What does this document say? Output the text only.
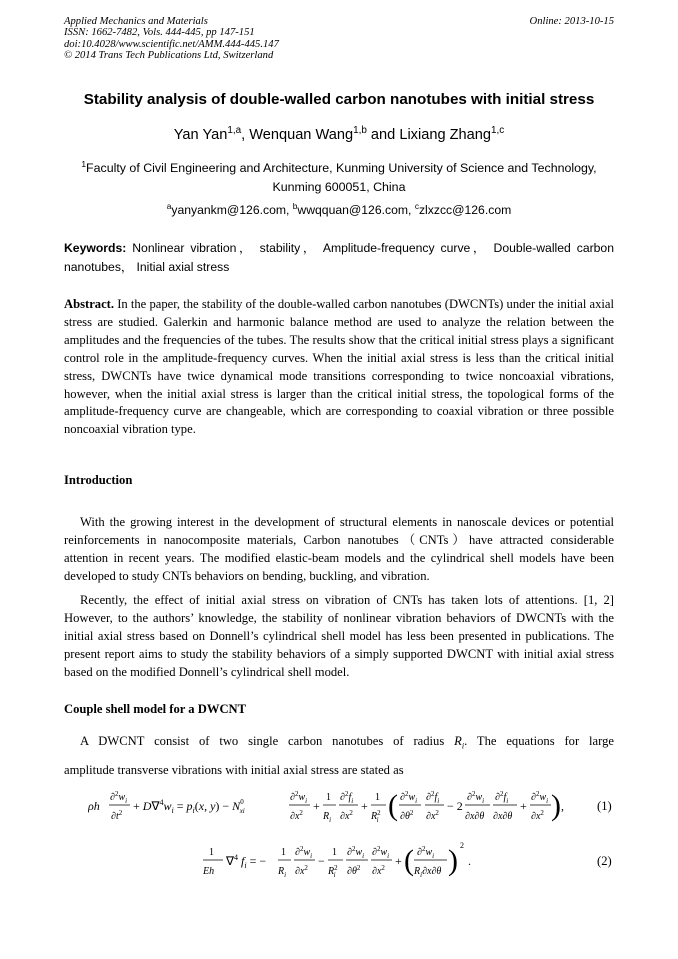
Applied Mechanics and Materials
ISSN: 1662-7482, Vols. 444-445, pp 147-151
doi:10.4028/www.scientific.net/AMM.444-445.147
© 2014 Trans Tech Publications Ltd, Switzerland
Online: 2013-10-15
Stability analysis of double-walled carbon nanotubes with initial stress
Yan Yan$^{1,a}$, Wenquan Wang$^{1,b}$ and Lixiang Zhang$^{1,c}$
$^1$Faculty of Civil Engineering and Architecture, Kunming University of Science and Technology,
Kunming 600051, China
$^a$yanyankm@126.com, $^b$wwqquan@126.com, $^c$zlxzcc@126.com
Keywords: Nonlinear vibration， stability， Amplitude-frequency curve， Double-walled carbon nanotubes， Initial axial stress
Abstract. In the paper, the stability of the double-walled carbon nanotubes (DWCNTs) under the initial axial stress are studied. Galerkin and harmonic balance method are used to analyze the relation between the amplitudes and the frequencies of the tubes. The results show that the critical initial stress plays a significant control role in the amplitude-frequency curves. When the initial axial stress is less than the critical initial stress, DWCNTs have twice dynamical mode transitions corresponding to twice noncoaxial vibrations, however, when the initial axial stress is larger than the critical initial stress, the topological forms of the amplitude-frequency curve are changeable, which are corresponding to coaxial vibration or three possible noncoaxial vibration type.
Introduction
With the growing interest in the development of structural elements in nanoscale devices or potential reinforcements in nanocomposite materials, Carbon nanotubes（CNTs）have attracted considerable attention in recent years. The modified elastic-beam models and the cylindrical shell models have been developed to study CNTs behaviors on bending, buckling, and vibration.
Recently, the effect of initial axial stress on vibration of CNTs has taken lots of attentions. [1, 2] However, to the authors’ knowledge, the stability of nonlinear vibration behaviors of DWCNTs with the initial axial stress based on Donnell’s cylindrical shell model has less been presented in publications. The present report aims to study the stability behaviors of a simply supported DWCNT with initial axial stress based on the modified Donnell’s cylindrical shell model.
Couple shell model for a DWCNT
A DWCNT consist of two single carbon nanotubes of radius $R_i$. The equations for large
amplitude transverse vibrations with initial axial stress are stated as
ρh
$\partial^2w_i$
$\partial t^2 + D\nabla^4w_i = p_i(x$, $y) - N^0$ xi
$\partial^2w_i$
$\partial x^2$ +
1
$R_i$
$\partial^2f_i$
$\partial x^2$ +
1
$R^2$ i ( $\partial^2w_i$
$\partial\theta^2$
$\partial^2f_i$
$\partial x^2 - 2$
$\partial^2w_i$
∂x∂θ
$\partial^2f_i$
∂x∂θ
+
$\partial^2w_i$
$\partial x^2$ ) ,	(1)
1
Eh
∇$^4$ $f_i$ = −
1
$R_i$
$\partial^2w_i$
$\partial x^2$ −
1
$R^2$ i
$\partial^2w_i$
$\partial\theta^2$
$\partial^2w_i$
$\partial x^2$ + ( $\partial^2w_i$
$R_i\partial x\partial\theta$ ) 2
.	(2)
